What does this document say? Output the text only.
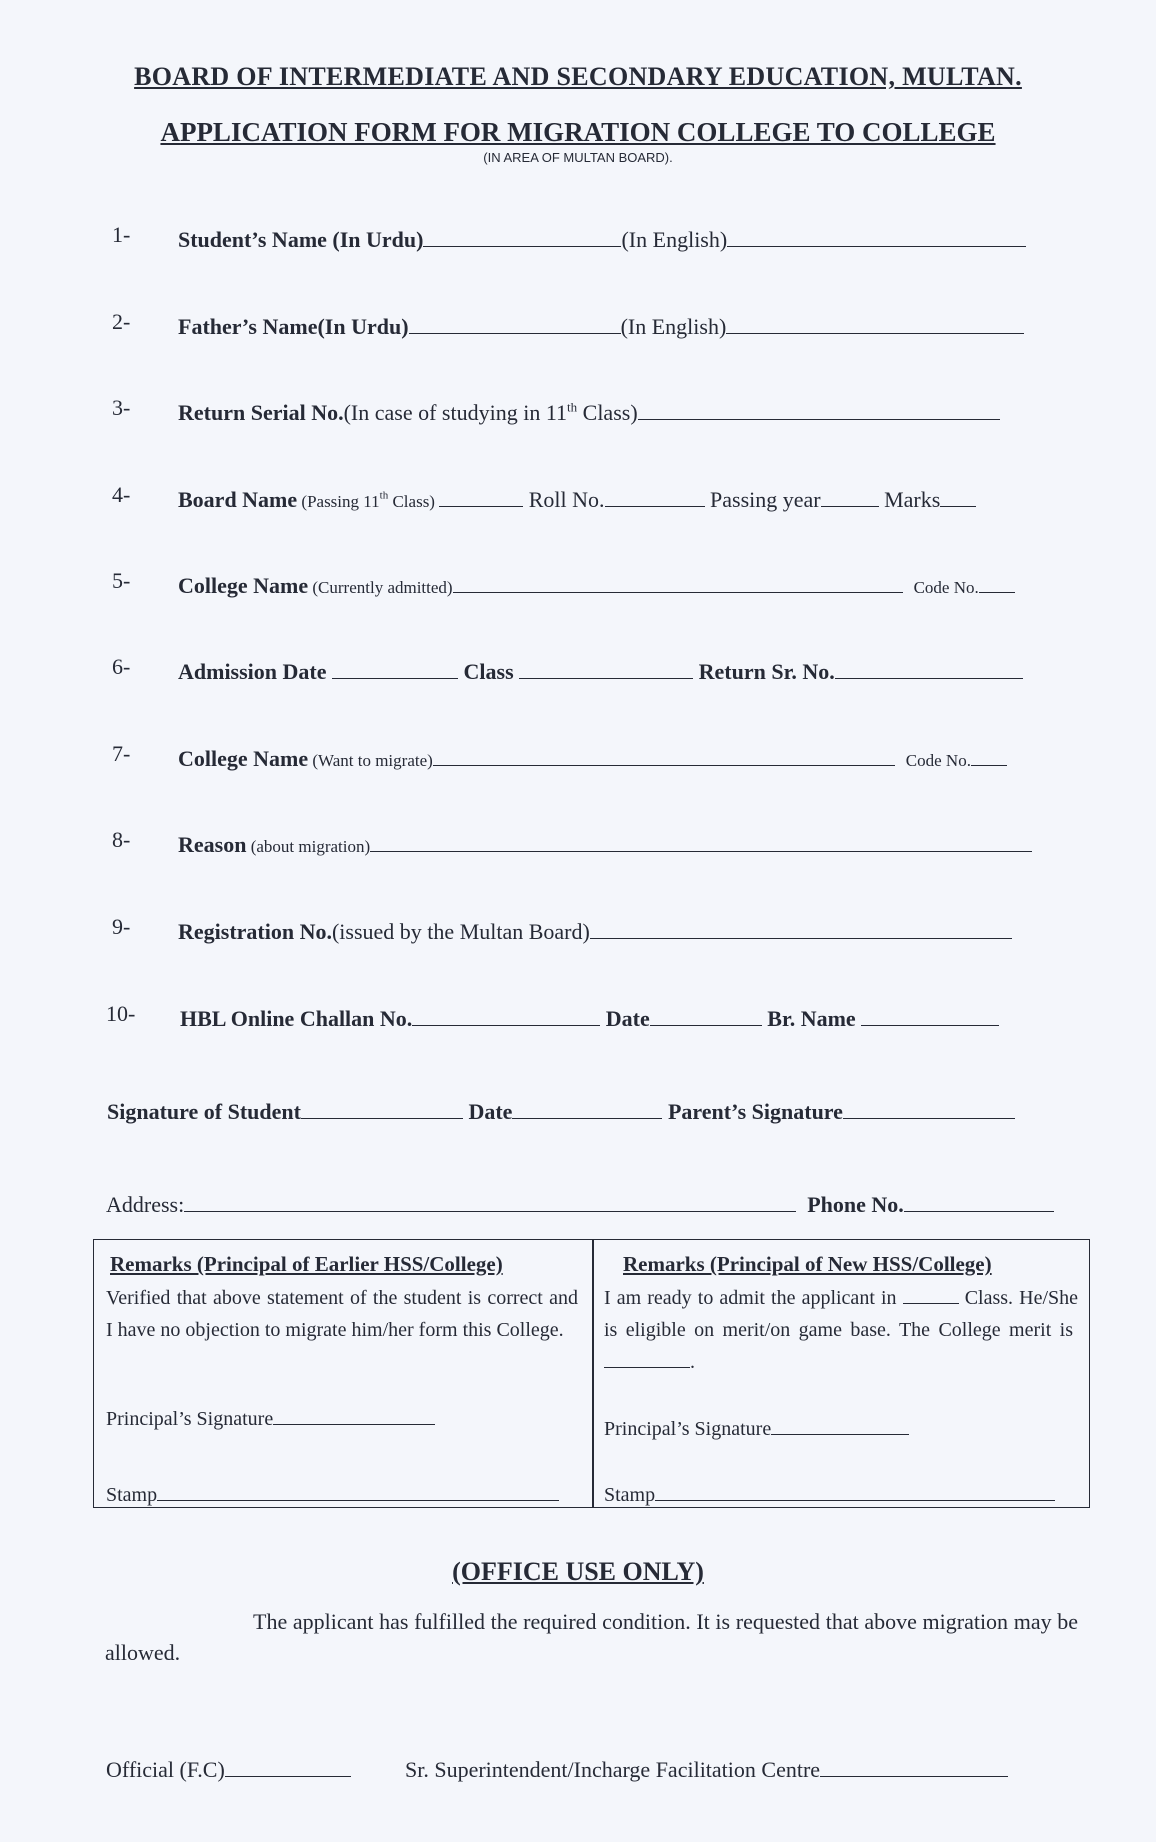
BOARD OF INTERMEDIATE AND SECONDARY EDUCATION, MULTAN.
APPLICATION FORM FOR MIGRATION COLLEGE TO COLLEGE
(IN AREA OF MULTAN BOARD).
1- Student’s Name (In Urdu)	(In English)
2- Father’s Name(In Urdu)	(In English)
3- Return Serial No.(In case of studying in 11th Class)
4- Board Name (Passing 11th Class)	Roll No.	Passing year	Marks
5- College Name (Currently admitted)	Code No.
6- Admission Date	Class	Return Sr. No.
7- College Name (Want to migrate)	Code No.
8- Reason (about migration)
9- Registration No.(issued by the Multan Board)
10- HBL Online Challan No.	Date	Br. Name
Signature of Student	Date	Parent’s Signature
Address:	Phone No.
Remarks (Principal of Earlier HSS/College)
Verified that above statement of the student is correct and I have no objection to migrate him/her form this College.
Principal’s Signature
Stamp
Remarks (Principal of New HSS/College)
I am ready to admit the applicant in	Class. He/She is eligible on merit/on game base. The College merit is .
Principal’s Signature
Stamp
(OFFICE USE ONLY)
The applicant has fulfilled the required condition. It is requested that above migration may be allowed.
Official (F.C)	Sr. Superintendent/Incharge Facilitation Centre
